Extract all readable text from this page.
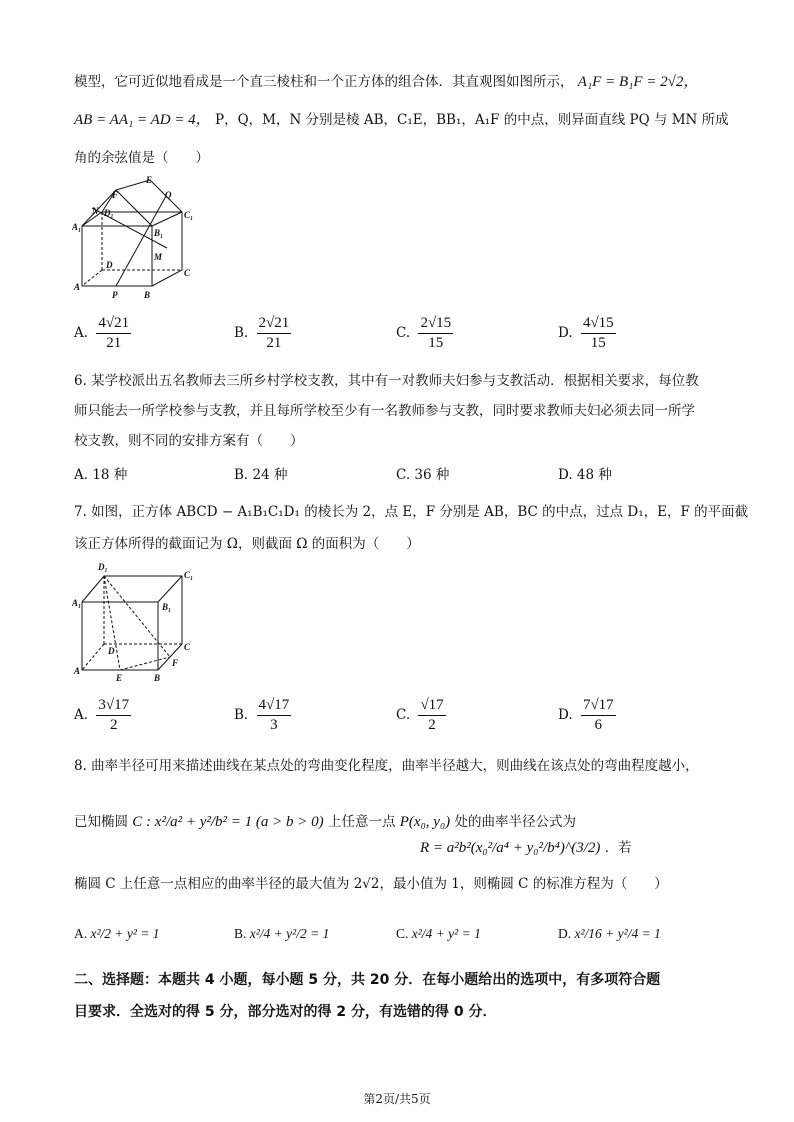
模型，它可近似地看成是一个直三棱柱和一个正方体的组合体．其直观图如图所示， A₁F = B₁F = 2√2，
AB = AA₁ = AD = 4， P，Q，M，N 分别是棱 AB，C₁E，BB₁，A₁F 的中点，则异面直线 PQ 与 MN 所成
角的余弦值是（　　）
E
F	Q
N D₁	C₁
A₁
B₁
M
D
C
A
P	B
A. $\frac{4√21}{21}$	B. $\frac{2√21}{21}$	C. $\frac{2√15}{15}$	D. $\frac{4√15}{15}$
6. 某学校派出五名教师去三所乡村学校支教，其中有一对教师夫妇参与支教活动．根据相关要求，每位教
师只能去一所学校参与支教，并且每所学校至少有一名教师参与支教，同时要求教师夫妇必须去同一所学
校支教，则不同的安排方案有（　　）
A. 18 种	B. 24 种	C. 36 种	D. 48 种
7. 如图，正方体 ABCD − A₁B₁C₁D₁ 的棱长为 2，点 E，F 分别是 AB，BC 的中点，过点 D₁，E，F 的平面截
该正方体所得的截面记为 Ω，则截面 Ω 的面积为（　　）
D₁
C₁
A₁	B₁
D	C
F
A
E	B
A. $\frac{3√17}{2}$	B. $\frac{4√17}{3}$	C. $\frac{√17}{2}$	D. $\frac{7√17}{6}$
8. 曲率半径可用来描述曲线在某点处的弯曲变化程度，曲率半径越大，则曲线在该点处的弯曲程度越小，
已知椭圆 C : x²/a² + y²/b² = 1 (a > b > 0) 上任意一点 P(x₀, y₀) 处的曲率半径公式为
R = a²b²(x₀²/a⁴ + y₀²/b⁴)^(3/2) ．若
椭圆 C 上任意一点相应的曲率半径的最大值为 2√2，最小值为 1，则椭圆 C 的标准方程为（　　）
A. x²/2 + y² = 1	B. x²/4 + y²/2 = 1	C. x²/4 + y² = 1	D. x²/16 + y²/4 = 1
二、选择题：本题共 4 小题，每小题 5 分，共 20 分．在每小题给出的选项中，有多项符合题
目要求．全选对的得 5 分，部分选对的得 2 分，有选错的得 0 分．
第2页/共5页
